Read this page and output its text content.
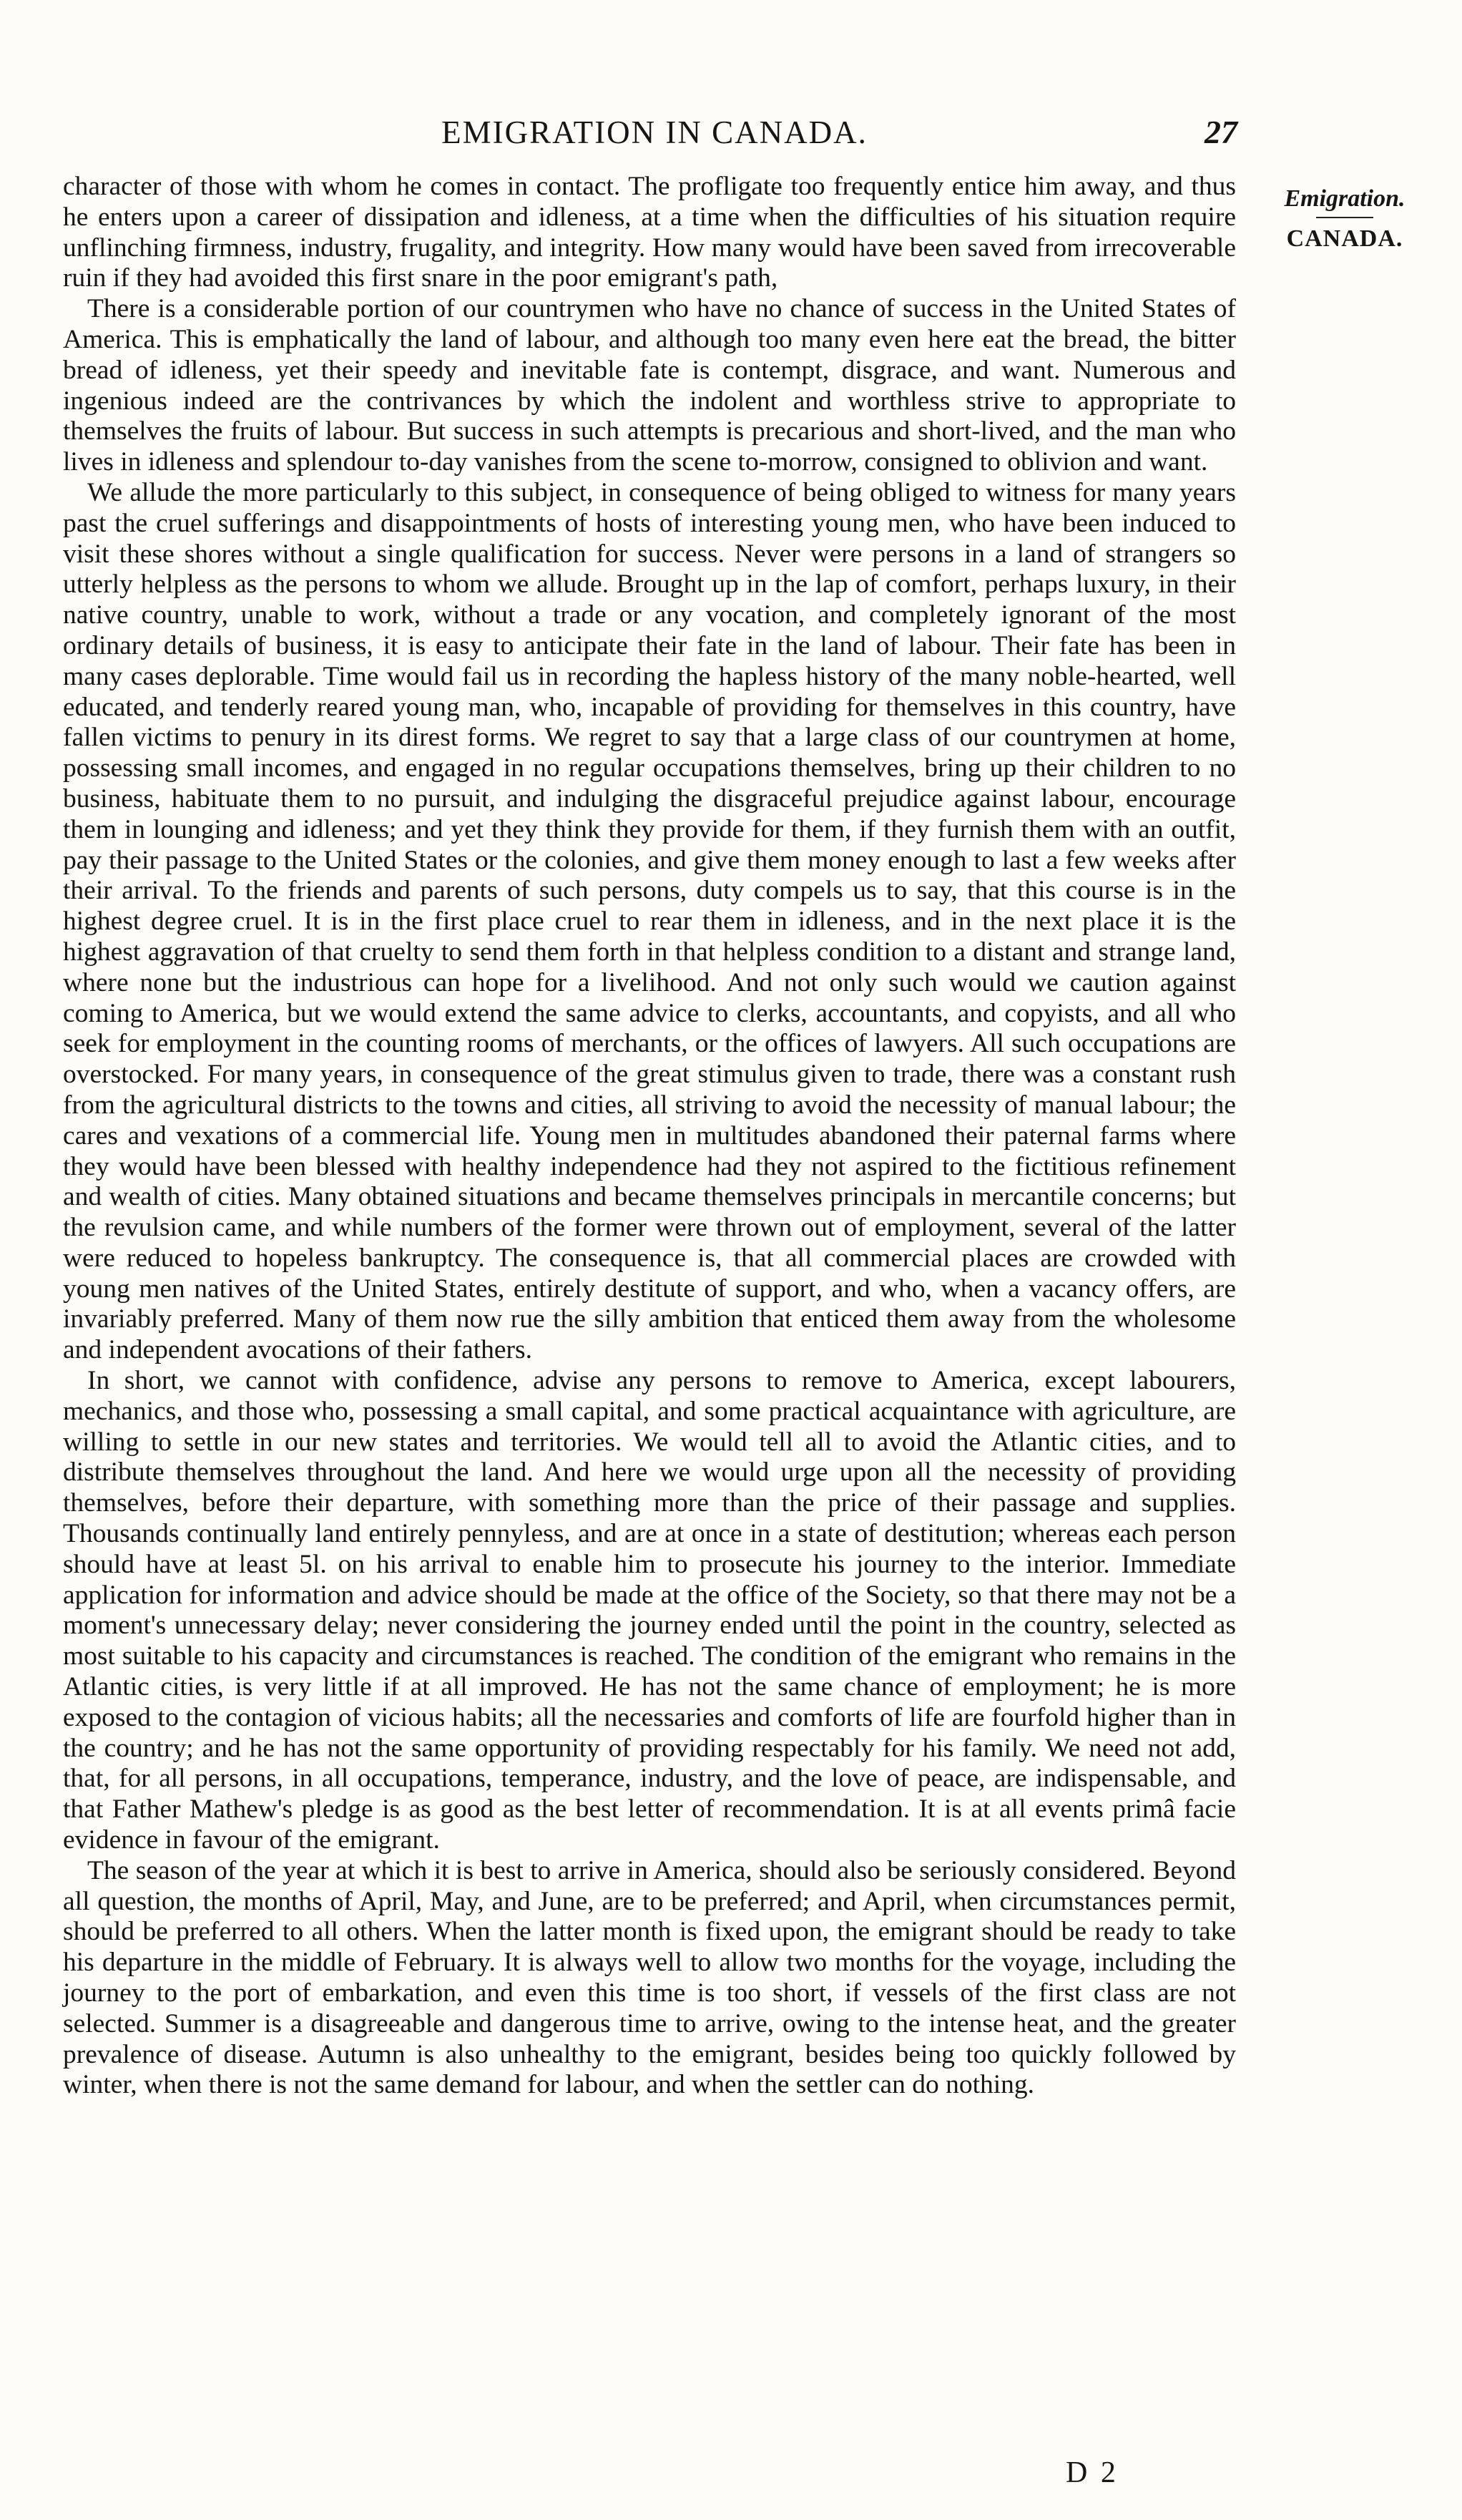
EMIGRATION IN CANADA.	27
Emigration.
CANADA.

character of those with whom he comes in contact. The profligate too frequently entice him away, and thus he enters upon a career of dissipation and idleness, at a time when the difficulties of his situation require unflinching firmness, industry, frugality, and integrity. How many would have been saved from irrecoverable ruin if they had avoided this first snare in the poor emigrant's path,

There is a considerable portion of our countrymen who have no chance of success in the United States of America. This is emphatically the land of labour, and although too many even here eat the bread, the bitter bread of idleness, yet their speedy and inevitable fate is contempt, disgrace, and want. Numerous and ingenious indeed are the contrivances by which the indolent and worthless strive to appropriate to themselves the fruits of labour. But success in such attempts is precarious and short-lived, and the man who lives in idleness and splendour to-day vanishes from the scene to-morrow, consigned to oblivion and want.

We allude the more particularly to this subject, in consequence of being obliged to witness for many years past the cruel sufferings and disappointments of hosts of interesting young men, who have been induced to visit these shores without a single qualification for success. Never were persons in a land of strangers so utterly helpless as the persons to whom we allude. Brought up in the lap of comfort, perhaps luxury, in their native country, unable to work, without a trade or any vocation, and completely ignorant of the most ordinary details of business, it is easy to anticipate their fate in the land of labour. Their fate has been in many cases deplorable. Time would fail us in recording the hapless history of the many noble-hearted, well educated, and tenderly reared young man, who, incapable of providing for themselves in this country, have fallen victims to penury in its direst forms. We regret to say that a large class of our countrymen at home, possessing small incomes, and engaged in no regular occupations themselves, bring up their children to no business, habituate them to no pursuit, and indulging the disgraceful prejudice against labour, encourage them in lounging and idleness; and yet they think they provide for them, if they furnish them with an outfit, pay their passage to the United States or the colonies, and give them money enough to last a few weeks after their arrival. To the friends and parents of such persons, duty compels us to say, that this course is in the highest degree cruel. It is in the first place cruel to rear them in idleness, and in the next place it is the highest aggravation of that cruelty to send them forth in that helpless condition to a distant and strange land, where none but the industrious can hope for a livelihood. And not only such would we caution against coming to America, but we would extend the same advice to clerks, accountants, and copyists, and all who seek for employment in the counting rooms of merchants, or the offices of lawyers. All such occupations are overstocked. For many years, in consequence of the great stimulus given to trade, there was a constant rush from the agricultural districts to the towns and cities, all striving to avoid the necessity of manual labour; the cares and vexations of a commercial life. Young men in multitudes abandoned their paternal farms where they would have been blessed with healthy independence had they not aspired to the fictitious refinement and wealth of cities. Many obtained situations and became themselves principals in mercantile concerns; but the revulsion came, and while numbers of the former were thrown out of employment, several of the latter were reduced to hopeless bankruptcy. The consequence is, that all commercial places are crowded with young men natives of the United States, entirely destitute of support, and who, when a vacancy offers, are invariably preferred. Many of them now rue the silly ambition that enticed them away from the wholesome and independent avocations of their fathers.

In short, we cannot with confidence, advise any persons to remove to America, except labourers, mechanics, and those who, possessing a small capital, and some practical acquaintance with agriculture, are willing to settle in our new states and territories. We would tell all to avoid the Atlantic cities, and to distribute themselves throughout the land. And here we would urge upon all the necessity of providing themselves, before their departure, with something more than the price of their passage and supplies. Thousands continually land entirely pennyless, and are at once in a state of destitution; whereas each person should have at least 5l. on his arrival to enable him to prosecute his journey to the interior. Immediate application for information and advice should be made at the office of the Society, so that there may not be a moment's unnecessary delay; never considering the journey ended until the point in the country, selected as most suitable to his capacity and circumstances is reached. The condition of the emigrant who remains in the Atlantic cities, is very little if at all improved. He has not the same chance of employment; he is more exposed to the contagion of vicious habits; all the necessaries and comforts of life are fourfold higher than in the country; and he has not the same opportunity of providing respectably for his family. We need not add, that, for all persons, in all occupations, temperance, industry, and the love of peace, are indispensable, and that Father Mathew's pledge is as good as the best letter of recommendation. It is at all events primâ facie evidence in favour of the emigrant.

The season of the year at which it is best to arrive in America, should also be seriously considered. Beyond all question, the months of April, May, and June, are to be preferred; and April, when circumstances permit, should be preferred to all others. When the latter month is fixed upon, the emigrant should be ready to take his departure in the middle of February. It is always well to allow two months for the voyage, including the journey to the port of embarkation, and even this time is too short, if vessels of the first class are not selected. Summer is a disagreeable and dangerous time to arrive, owing to the intense heat, and the greater prevalence of disease. Autumn is also unhealthy to the emigrant, besides being too quickly followed by winter, when there is not the same demand for labour, and when the settler can do nothing.

D 2
